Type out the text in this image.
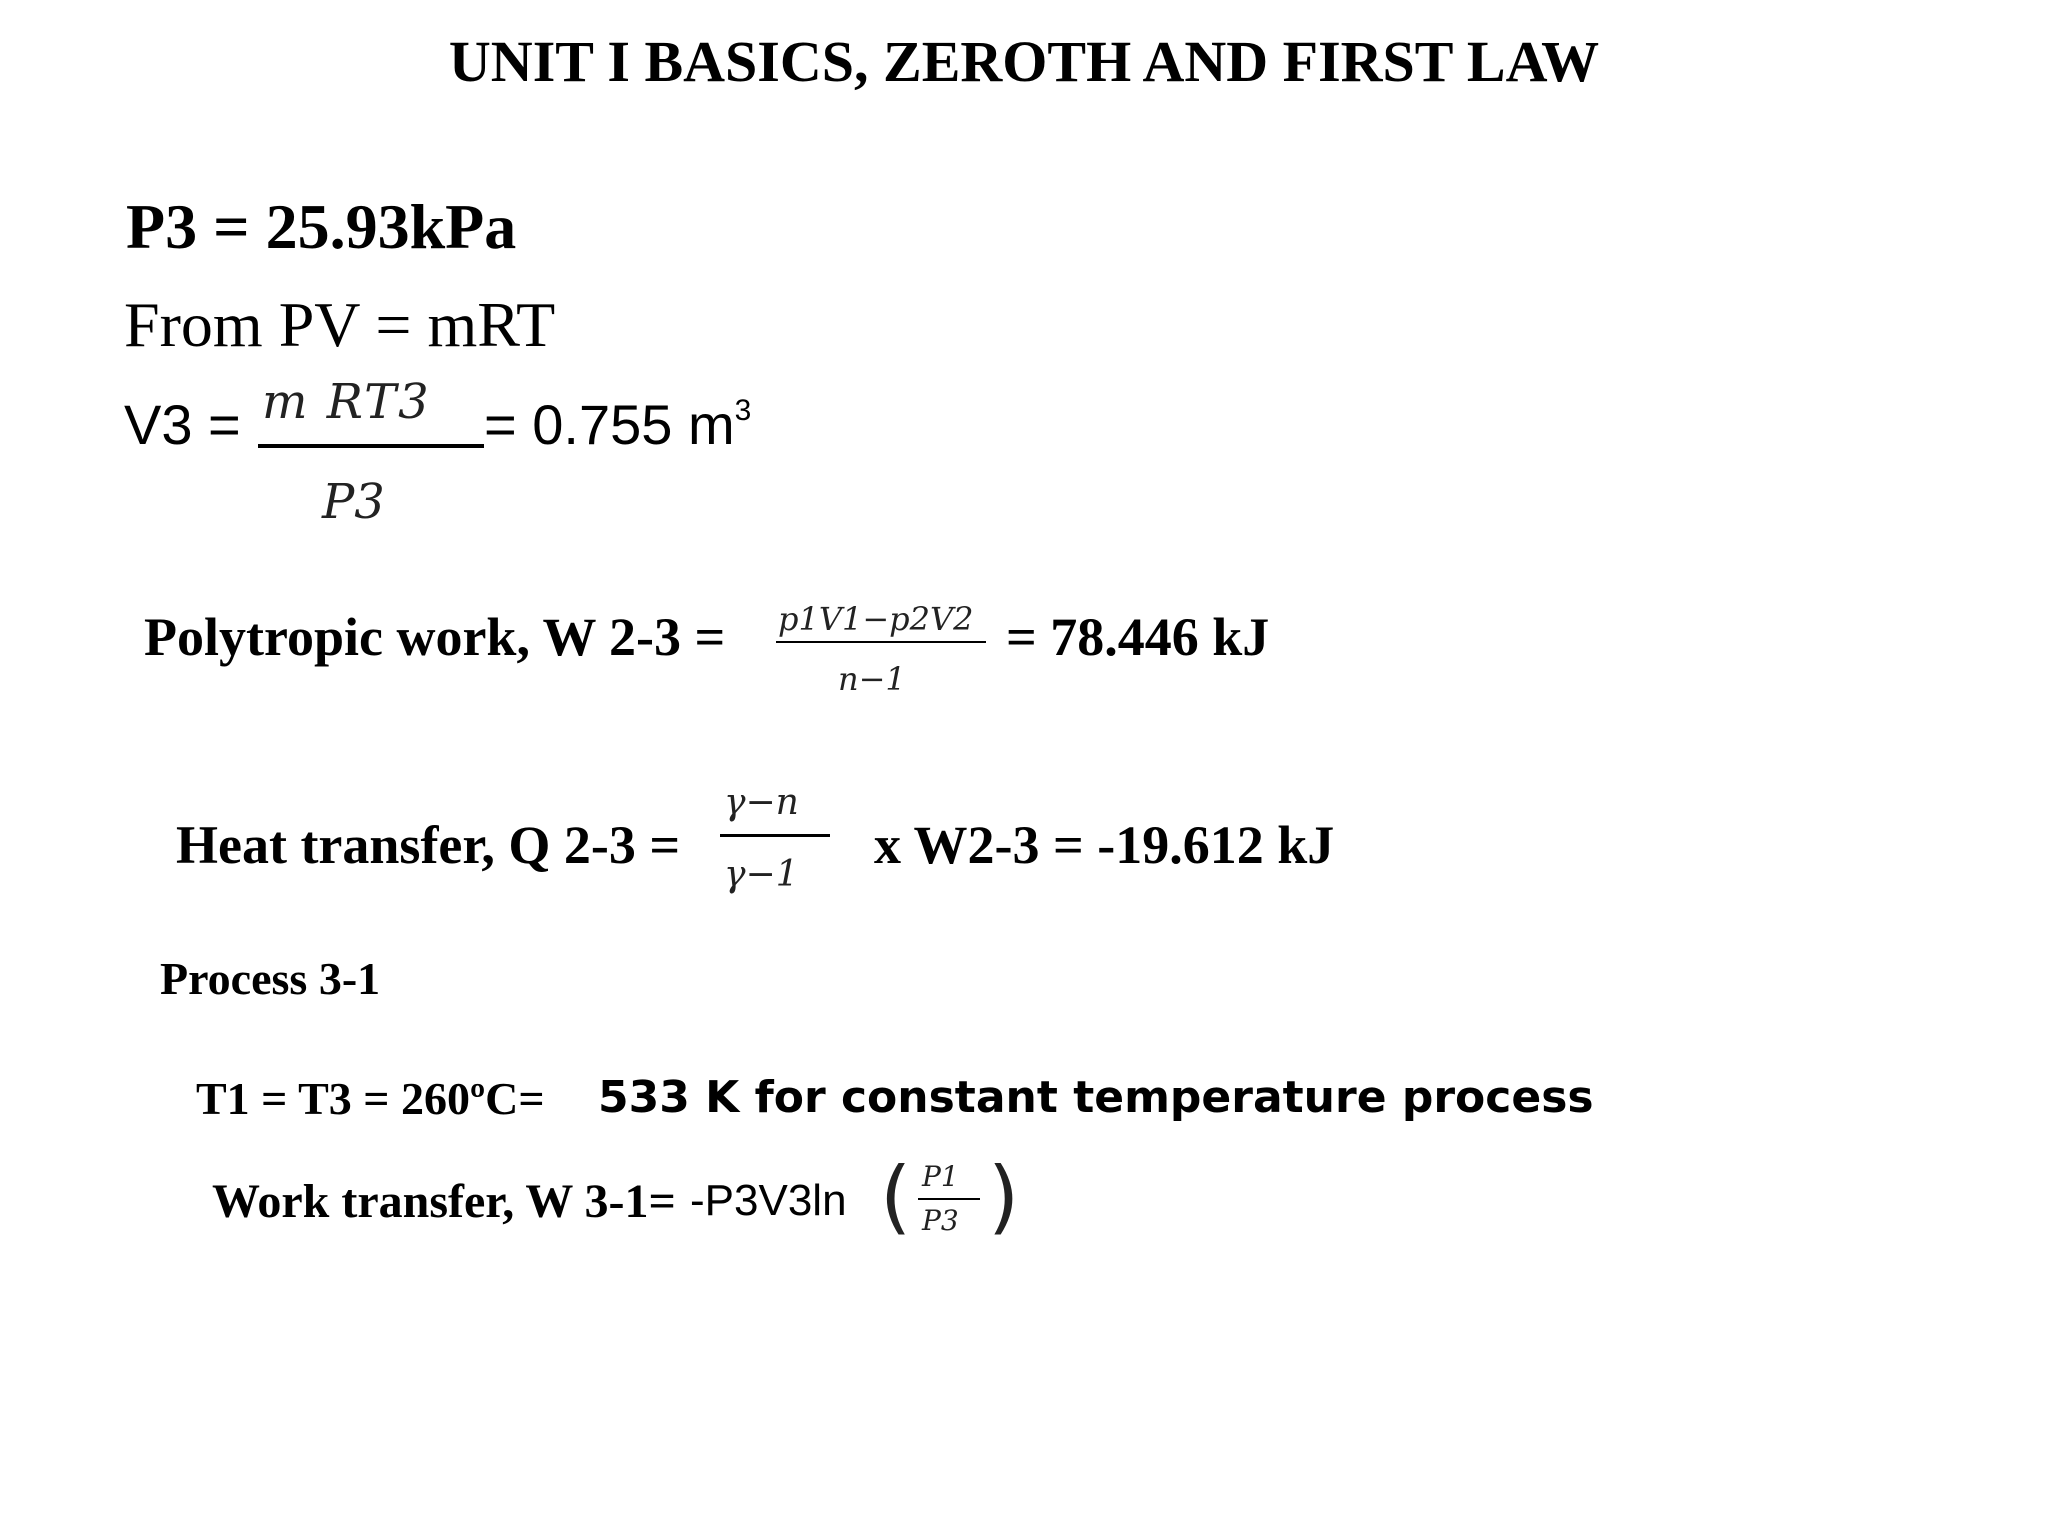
UNIT I BASICS, ZEROTH AND FIRST LAW
P3 = 25.93kPa
From PV = mRT
V3 = m RT3
P3
= 0.755 $m^3$
Polytropic work, W 2-3 = p1V1−p2V2
n−1
= 78.446 kJ
Heat transfer, Q 2-3 =
γ−n
γ−1 x W2-3 = -19.612 kJ
Process 3-1
T1 = T3 = 260ºC= 533 K for constant temperature process
Work transfer, W 3-1= -P3V3ln ( P1
P3 )
